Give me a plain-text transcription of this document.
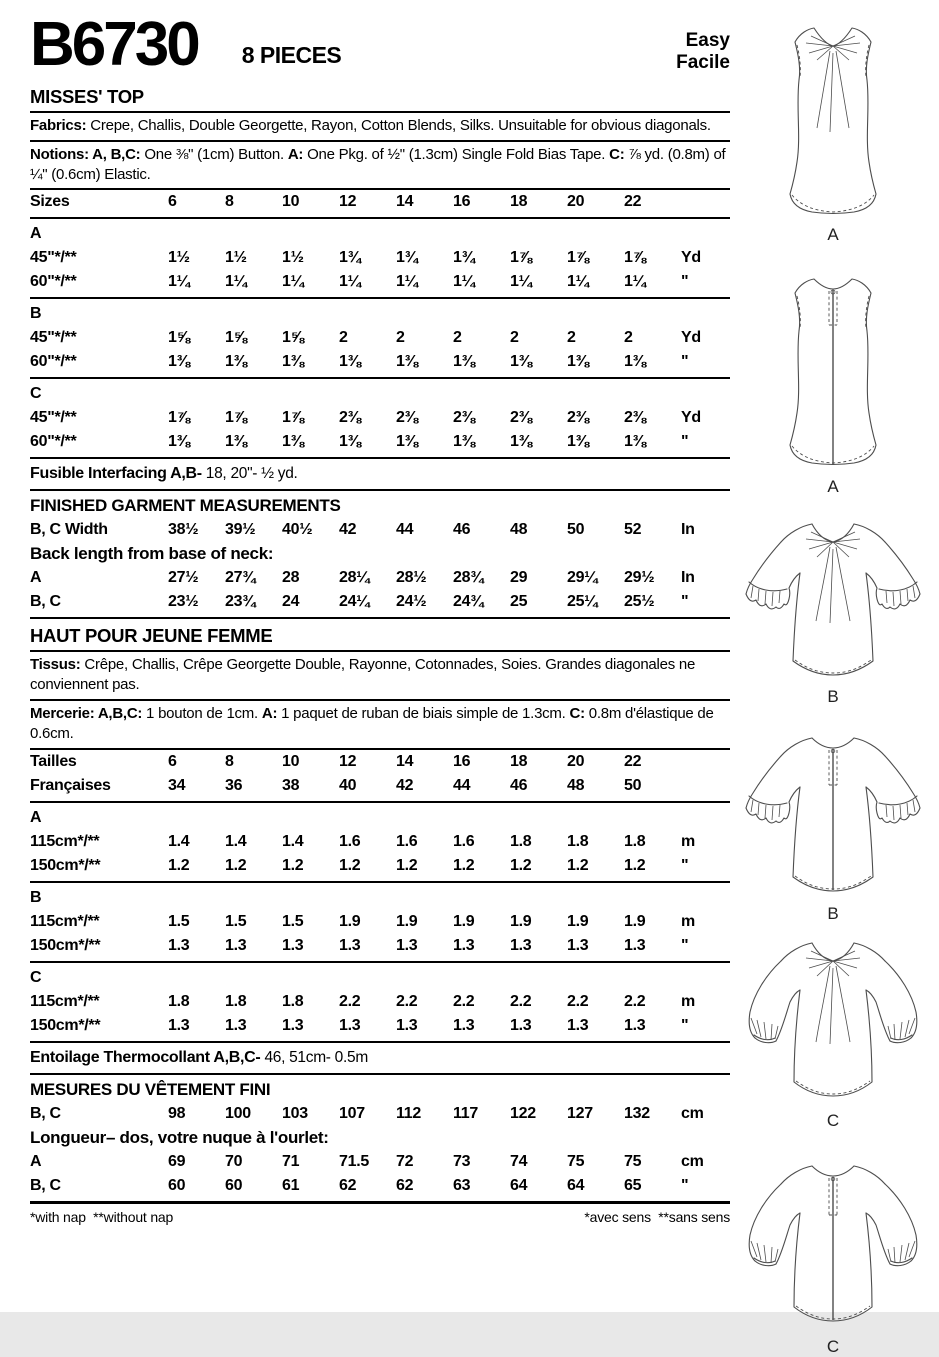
B6730	8 PIECES
Easy
Facile
MISSES' TOP

Fabrics: Crepe, Challis, Double Georgette, Rayon, Cotton Blends, Silks. Unsuitable for obvious diagonals.

Notions: A, B,C: One ⅜" (1cm) Button. A: One Pkg. of ½" (1.3cm) Single Fold Bias Tape. C: ⅞ yd. (0.8m) of ¼" (0.6cm) Elastic.

Sizes	6	8	10	12	14	16	18	20	22
A
45"*/**	1½	1½	1½	1¾	1¾	1¾	1⅞	1⅞	1⅞	Yd
60"*/**	1¼	1¼	1¼	1¼	1¼	1¼	1¼	1¼	1¼	"
B
45"*/**	1⅝	1⅝	1⅝	2	2	2	2	2	2	Yd
60"*/**	1⅜	1⅜	1⅜	1⅜	1⅜	1⅜	1⅜	1⅜	1⅜	"
C
45"*/**	1⅞	1⅞	1⅞	2⅜	2⅜	2⅜	2⅜	2⅜	2⅜	Yd
60"*/**	1⅜	1⅜	1⅜	1⅜	1⅜	1⅜	1⅜	1⅜	1⅜	"
Fusible Interfacing A,B- 18, 20"- ½ yd.
FINISHED GARMENT MEASUREMENTS
B, C Width	38½	39½	40½	42	44	46	48	50	52	In
Back length from base of neck:
A	27½	27¾	28	28¼	28½	28¾	29	29¼	29½	In
B, C	23½	23¾	24	24¼	24½	24¾	25	25¼	25½	"
HAUT POUR JEUNE FEMME

Tissus: Crêpe, Challis, Crêpe Georgette Double, Rayonne, Cotonnades, Soies. Grandes diagonales ne conviennent pas.

Mercerie: A,B,C: 1 bouton de 1cm. A: 1 paquet de ruban de biais simple de 1.3cm. C: 0.8m d'élastique de 0.6cm.

Tailles	6	8	10	12	14	16	18	20	22
Françaises	34	36	38	40	42	44	46	48	50
A
115cm*/**	1.4	1.4	1.4	1.6	1.6	1.6	1.8	1.8	1.8	m
150cm*/**	1.2	1.2	1.2	1.2	1.2	1.2	1.2	1.2	1.2	"
B
115cm*/**	1.5	1.5	1.5	1.9	1.9	1.9	1.9	1.9	1.9	m
150cm*/**	1.3	1.3	1.3	1.3	1.3	1.3	1.3	1.3	1.3	"
C
115cm*/**	1.8	1.8	1.8	2.2	2.2	2.2	2.2	2.2	2.2	m
150cm*/**	1.3	1.3	1.3	1.3	1.3	1.3	1.3	1.3	1.3	"
Entoilage Thermocollant A,B,C- 46, 51cm- 0.5m
MESURES DU VÊTEMENT FINI
B, C	98	100	103	107	112	117	122	127	132	cm
Longueur– dos, votre nuque à l'ourlet:
A	69	70	71	71.5	72	73	74	75	75	cm
B, C	60	60	61	62	62	63	64	64	65	"
*with nap  **without nap	*avec sens  **sans sens
A
A
B
B
C
C
